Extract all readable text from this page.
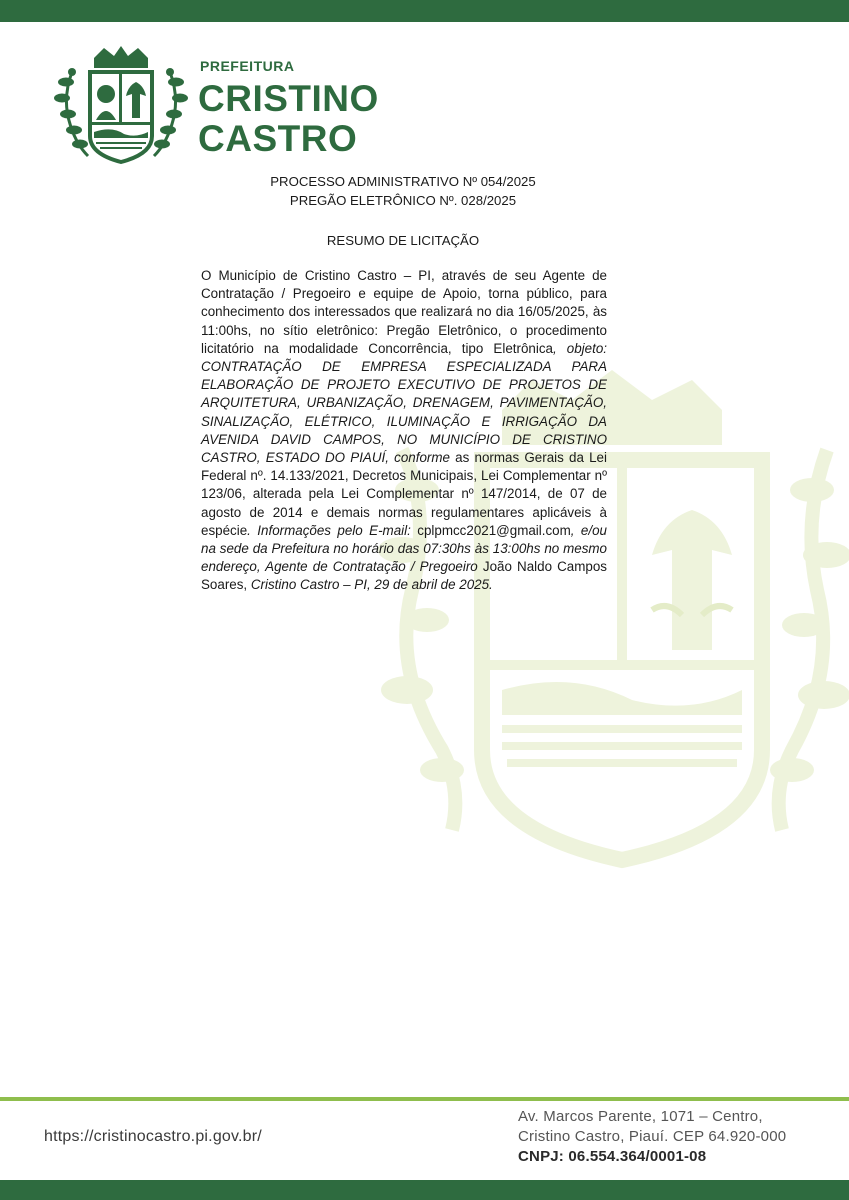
PREFEITURA
CRISTINO
CASTRO
PROCESSO ADMINISTRATIVO Nº 054/2025
PREGÃO ELETRÔNICO Nº. 028/2025
RESUMO DE LICITAÇÃO

O Município de Cristino Castro – PI, através de seu Agente de Contratação / Pregoeiro e equipe de Apoio, torna público, para conhecimento dos interessados que realizará no dia 16/05/2025, às 11:00hs, no sítio eletrônico: Pregão Eletrônico, o procedimento licitatório na modalidade Concorrência, tipo Eletrônica, objeto: CONTRATAÇÃO DE EMPRESA ESPECIALIZADA PARA ELABORAÇÃO DE PROJETO EXECUTIVO DE PROJETOS DE ARQUITETURA, URBANIZAÇÃO, DRENAGEM, PAVIMENTAÇÃO, SINALIZAÇÃO, ELÉTRICO, ILUMINAÇÃO E IRRIGAÇÃO DA AVENIDA DAVID CAMPOS, NO MUNICÍPIO DE CRISTINO CASTRO, ESTADO DO PIAUÍ, conforme as normas Gerais da Lei Federal nº. 14.133/2021, Decretos Municipais, Lei Complementar nº 123/06, alterada pela Lei Complementar nº 147/2014, de 07 de agosto de 2014 e demais normas regulamentares aplicáveis à espécie. Informações pelo E-mail: cplpmcc2021@gmail.com, e/ou na sede da Prefeitura no horário das 07:30hs às 13:00hs no mesmo endereço, Agente de Contratação / Pregoeiro João Naldo Campos Soares, Cristino Castro – PI, 29 de abril de 2025.

https://cristinocastro.pi.gov.br/
Av. Marcos Parente, 1071 – Centro,
Cristino Castro, Piauí. CEP 64.920-000
CNPJ: 06.554.364/0001-08
